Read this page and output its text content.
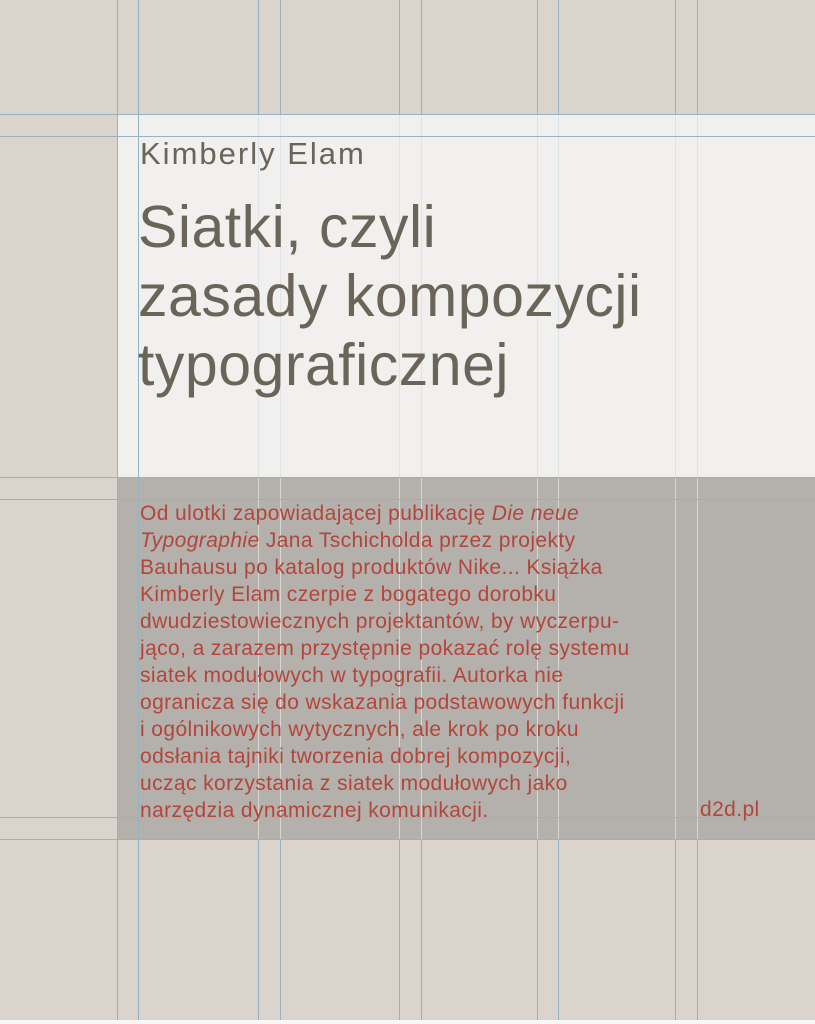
Kimberly Elam
Siatki, czyli
zasady kompozycji
typograficznej
Od ulotki zapowiadającej publikację Die neue
Typographie Jana Tschicholda przez projekty
Bauhausu po katalog produktów Nike... Książka
Kimberly Elam czerpie z bogatego dorobku
dwudziestowiecznych projektantów, by wyczerpu-
jąco, a zarazem przystępnie pokazać rolę systemu
siatek modułowych w typografii. Autorka nie
ogranicza się do wskazania podstawowych funkcji
i ogólnikowych wytycznych, ale krok po kroku
odsłania tajniki tworzenia dobrej kompozycji,
ucząc korzystania z siatek modułowych jako
narzędzia dynamicznej komunikacji.	d2d.pl
